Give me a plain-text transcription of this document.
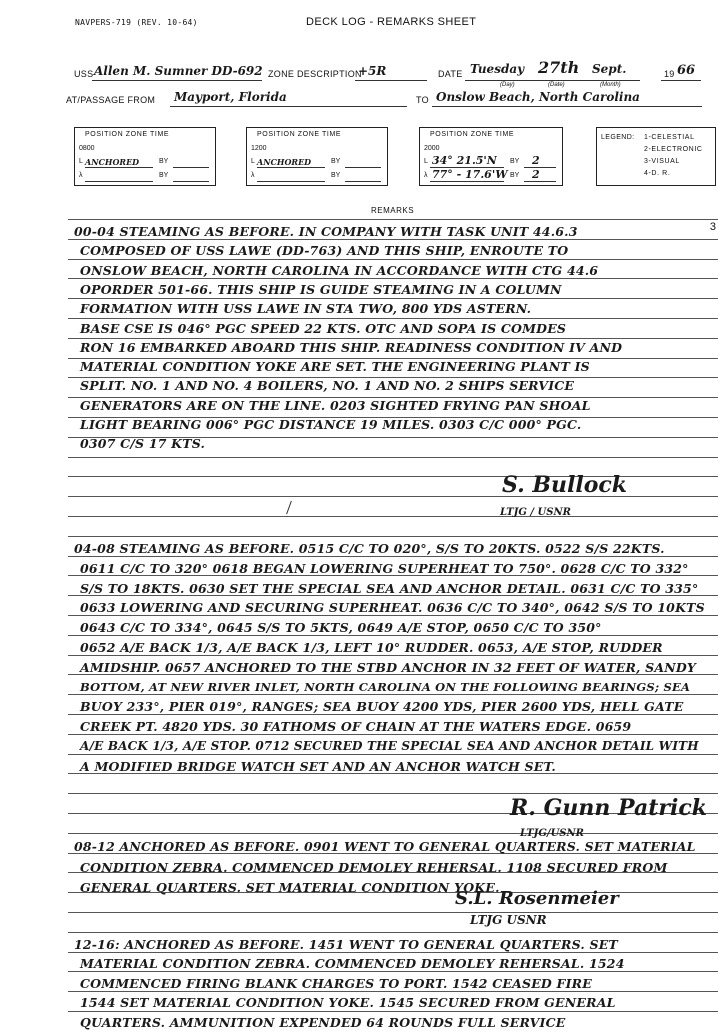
NAVPERS-719 (REV. 10-64)	DECK LOG - REMARKS SHEET
USS Allen M. Sumner DD-692 ZONE DESCRIPTION
+5R	DATE Tuesday 27th Sept.	19 66
(Day)	(Date)	(Month)
AT/PASSAGE FROM Mayport, Florida	TO Onslow Beach, North Carolina
POSITION ZONE TIME
0800
L ANCHORED	BY
λ	BY
POSITION ZONE TIME
1200
L ANCHORED	BY
λ	BY
POSITION ZONE TIME
2000
L 34° 21.5'N BY 2
λ 77° - 17.6'W BY 2
LEGEND: 1-CELESTIAL
2-ELECTRONIC
3-VISUAL
4-D. R.
REMARKS
3
00-04 STEAMING AS BEFORE. IN COMPANY WITH TASK UNIT 44.6.3
COMPOSED OF USS LAWE (DD-763) AND THIS SHIP, ENROUTE TO
ONSLOW BEACH, NORTH CAROLINA IN ACCORDANCE WITH CTG 44.6
OPORDER 501-66. THIS SHIP IS GUIDE STEAMING IN A COLUMN
FORMATION WITH USS LAWE IN STA TWO, 800 YDS ASTERN.
BASE CSE IS 046° PGC SPEED 22 KTS. OTC AND SOPA IS COMDES
RON 16 EMBARKED ABOARD THIS SHIP. READINESS CONDITION IV AND
MATERIAL CONDITION YOKE ARE SET. THE ENGINEERING PLANT IS
SPLIT. NO. 1 AND NO. 4 BOILERS, NO. 1 AND NO. 2 SHIPS SERVICE
GENERATORS ARE ON THE LINE. 0203 SIGHTED FRYING PAN SHOAL
LIGHT BEARING 006° PGC DISTANCE 19 MILES. 0303 C/C 000° PGC.
0307 C/S 17 KTS.
04-08 STEAMING AS BEFORE. 0515 C/C TO 020°, S/S TO 20KTS. 0522 S/S 22KTS.
0611 C/C TO 320° 0618 BEGAN LOWERING SUPERHEAT TO 750°. 0628 C/C TO 332°
S/S TO 18KTS. 0630 SET THE SPECIAL SEA AND ANCHOR DETAIL. 0631 C/C TO 335°
0633 LOWERING AND SECURING SUPERHEAT. 0636 C/C TO 340°, 0642 S/S TO 10KTS
0643 C/C TO 334°, 0645 S/S TO 5KTS, 0649 A/E STOP, 0650 C/C TO 350°
0652 A/E BACK 1/3, A/E BACK 1/3, LEFT 10° RUDDER. 0653, A/E STOP, RUDDER
AMIDSHIP. 0657 ANCHORED TO THE STBD ANCHOR IN 32 FEET OF WATER, SANDY
BOTTOM, AT NEW RIVER INLET, NORTH CAROLINA ON THE FOLLOWING BEARINGS; SEA
BUOY 233°, PIER 019°, RANGES; SEA BUOY 4200 YDS, PIER 2600 YDS, HELL GATE
CREEK PT. 4820 YDS. 30 FATHOMS OF CHAIN AT THE WATERS EDGE. 0659
A/E BACK 1/3, A/E STOP. 0712 SECURED THE SPECIAL SEA AND ANCHOR DETAIL WITH
A MODIFIED BRIDGE WATCH SET AND AN ANCHOR WATCH SET.
08-12 ANCHORED AS BEFORE. 0901 WENT TO GENERAL QUARTERS. SET MATERIAL
CONDITION ZEBRA. COMMENCED DEMOLEY REHERSAL. 1108 SECURED FROM
GENERAL QUARTERS. SET MATERIAL CONDITION YOKE.
12-16: ANCHORED AS BEFORE. 1451 WENT TO GENERAL QUARTERS. SET
MATERIAL CONDITION ZEBRA. COMMENCED DEMOLEY REHERSAL. 1524
COMMENCED FIRING BLANK CHARGES TO PORT. 1542 CEASED FIRE
1544 SET MATERIAL CONDITION YOKE. 1545 SECURED FROM GENERAL
QUARTERS. AMMUNITION EXPENDED 64 ROUNDS FULL SERVICE
S. Bullock
LTJG / USNR
R. Gunn Patrick
LTJG/USNR
S.L. Rosenmeier
LTJG USNR
